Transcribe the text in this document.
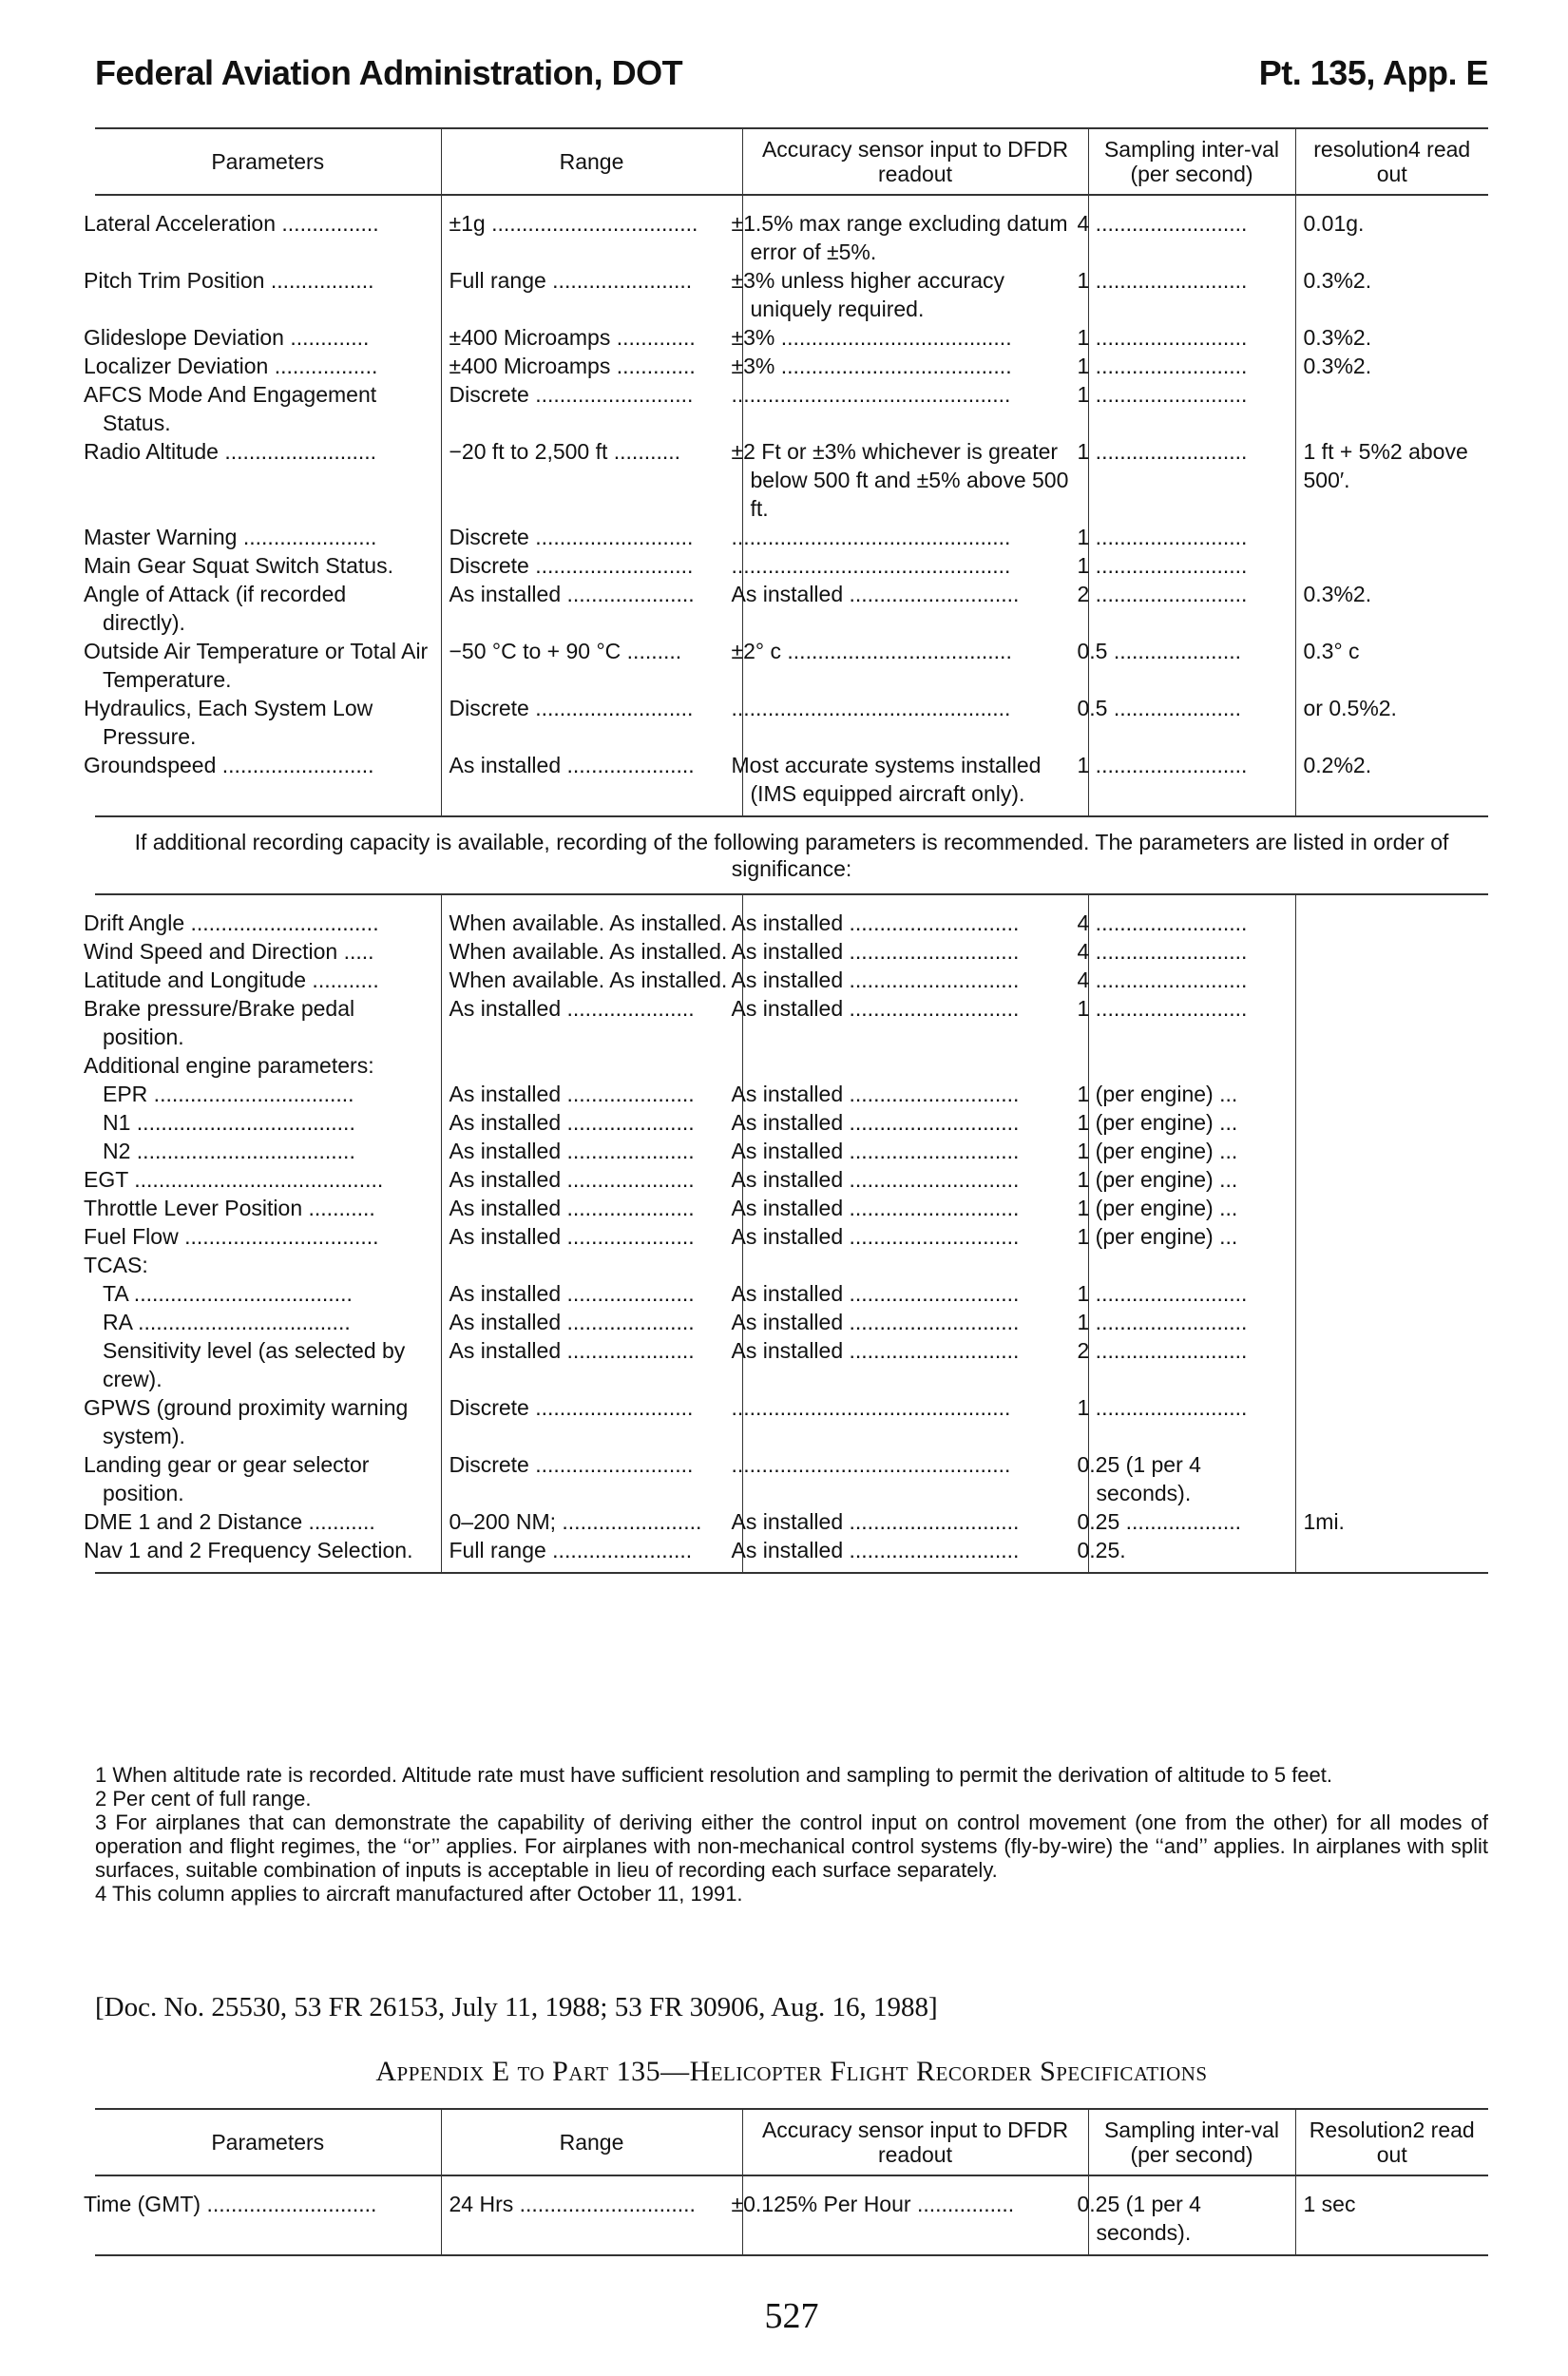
Federal Aviation Administration, DOT	Pt. 135, App. E
Parameters	Range	Accuracy sensor input to DFDR readout	Sampling inter-val (per second)	resolution4 read out
Lateral Acceleration ................	±1g ..................................	±1.5% max range excluding datum error of ±5%.	4 .........................	0.01g.
Pitch Trim Position .................	Full range .......................	±3% unless higher accuracy uniquely required.	1 .........................	0.3%2.
Glideslope Deviation .............	±400 Microamps .............	±3% ......................................	1 .........................	0.3%2.
Localizer Deviation .................	±400 Microamps .............	±3% ......................................	1 .........................	0.3%2.
AFCS Mode And Engagement Status.	Discrete ..........................	..............................................	1 .........................	
Radio Altitude .........................	−20 ft to 2,500 ft ...........	±2 Ft or ±3% whichever is greater below 500 ft and ±5% above 500 ft.	1 .........................	1 ft + 5%2 above 500′.
Master Warning ......................	Discrete ..........................	..............................................	1 .........................	
Main Gear Squat Switch Status.	Discrete ..........................	..............................................	1 .........................	
Angle of Attack (if recorded directly).	As installed .....................	As installed ............................	2 .........................	0.3%2.
Outside Air Temperature or Total Air Temperature.	−50 °C to + 90 °C .........	±2° c .....................................	0.5 .....................	0.3° c
Hydraulics, Each System Low Pressure.	Discrete ..........................	..............................................	0.5 .....................	or 0.5%2.
Groundspeed .........................	As installed .....................	Most accurate systems installed (IMS equipped aircraft only).	1 .........................	0.2%2.
If additional recording capacity is available, recording of the following parameters is recommended. The parameters are listed in order of significance:				
Drift Angle ...............................	When available. As installed.	As installed ............................	4 .........................	
Wind Speed and Direction .....	When available. As installed.	As installed ............................	4 .........................	
Latitude and Longitude ...........	When available. As installed.	As installed ............................	4 .........................	
Brake pressure/Brake pedal position.	As installed .....................	As installed ............................	1 .........................	
Additional engine parameters:				
EPR .................................	As installed .....................	As installed ............................	1 (per engine) ...	
N1 ....................................	As installed .....................	As installed ............................	1 (per engine) ...	
N2 ....................................	As installed .....................	As installed ............................	1 (per engine) ...	
EGT .........................................	As installed .....................	As installed ............................	1 (per engine) ...	
Throttle Lever Position ...........	As installed .....................	As installed ............................	1 (per engine) ...	
Fuel Flow ................................	As installed .....................	As installed ............................	1 (per engine) ...	
TCAS:				
TA ....................................	As installed .....................	As installed ............................	1 .........................	
RA ...................................	As installed .....................	As installed ............................	1 .........................	
Sensitivity level (as selected by crew).	As installed .....................	As installed ............................	2 .........................	
GPWS (ground proximity warning system).	Discrete ..........................	..............................................	1 .........................	
Landing gear or gear selector position.	Discrete ..........................	..............................................	0.25 (1 per 4 seconds).	
DME 1 and 2 Distance ...........	0–200 NM; .......................	As installed ............................	0.25 ...................	1mi.
Nav 1 and 2 Frequency Selection.	Full range .......................	As installed ............................	0.25.	

1 When altitude rate is recorded. Altitude rate must have sufficient resolution and sampling to permit the derivation of altitude to 5 feet.

2 Per cent of full range.

3 For airplanes that can demonstrate the capability of deriving either the control input on control movement (one from the other) for all modes of operation and flight regimes, the ‘‘or’’ applies. For airplanes with non-mechanical control systems (fly-by-wire) the ‘‘and’’ applies. In airplanes with split surfaces, suitable combination of inputs is acceptable in lieu of recording each surface separately.

4 This column applies to aircraft manufactured after October 11, 1991.

[Doc. No. 25530, 53 FR 26153, July 11, 1988; 53 FR 30906, Aug. 16, 1988]
Appendix E to Part 135—Helicopter Flight Recorder Specifications
Parameters	Range	Accuracy sensor input to DFDR readout	Sampling inter-val (per second)	Resolution2 read out
Time (GMT) ............................	24 Hrs .............................	±0.125% Per Hour ................	0.25 (1 per 4 seconds).	1 sec
527
